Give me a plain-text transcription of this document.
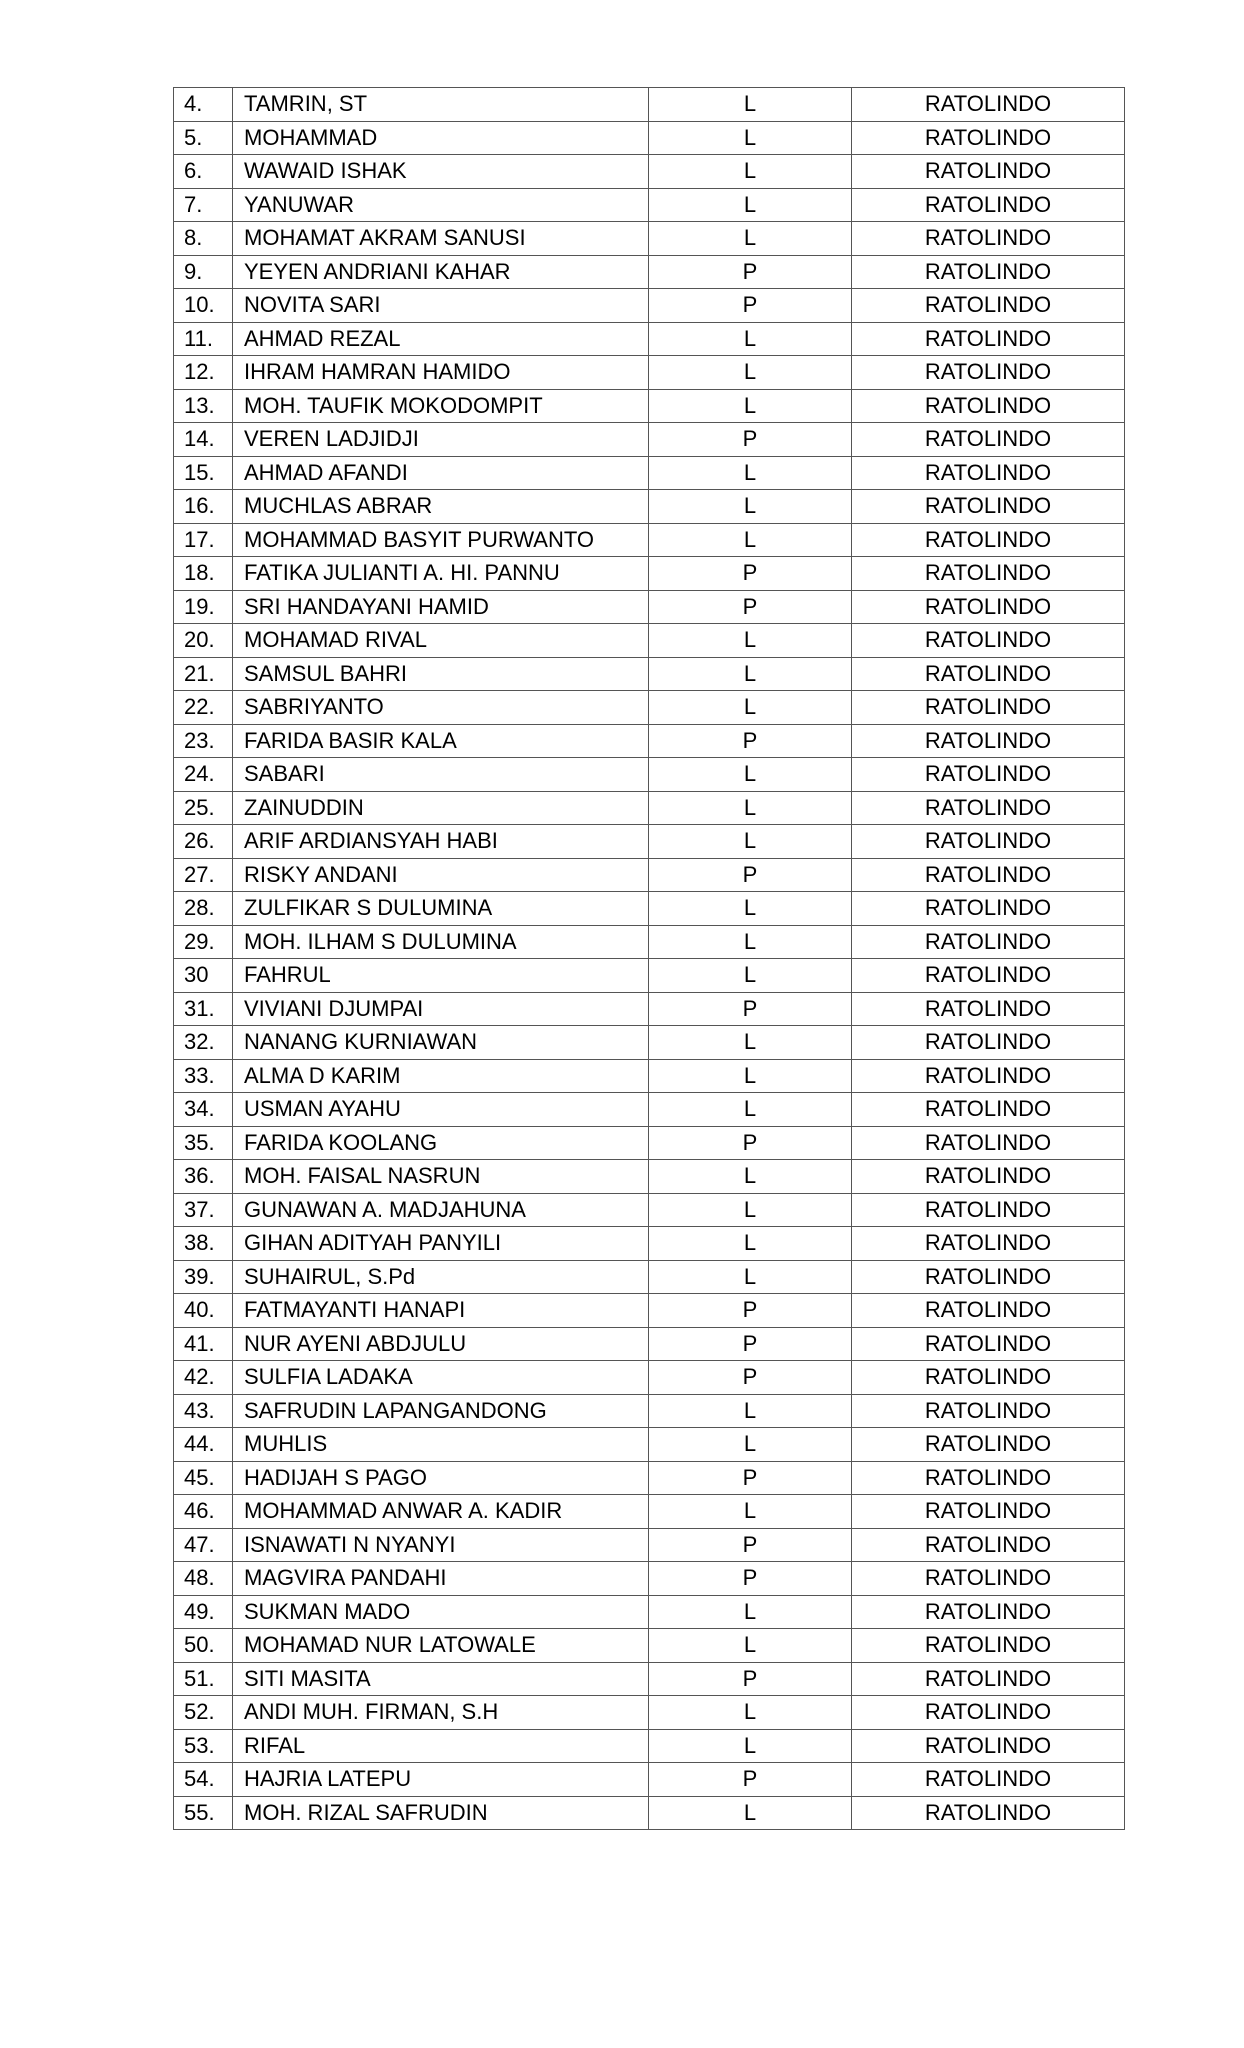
4.	TAMRIN, ST	L	RATOLINDO
5.	MOHAMMAD	L	RATOLINDO
6.	WAWAID ISHAK	L	RATOLINDO
7.	YANUWAR	L	RATOLINDO
8.	MOHAMAT AKRAM SANUSI	L	RATOLINDO
9.	YEYEN ANDRIANI KAHAR	P	RATOLINDO
10.	NOVITA SARI	P	RATOLINDO
11.	AHMAD REZAL	L	RATOLINDO
12.	IHRAM HAMRAN HAMIDO	L	RATOLINDO
13.	MOH. TAUFIK MOKODOMPIT	L	RATOLINDO
14.	VEREN LADJIDJI	P	RATOLINDO
15.	AHMAD AFANDI	L	RATOLINDO
16.	MUCHLAS ABRAR	L	RATOLINDO
17.	MOHAMMAD BASYIT PURWANTO	L	RATOLINDO
18.	FATIKA JULIANTI A. HI. PANNU	P	RATOLINDO
19.	SRI HANDAYANI HAMID	P	RATOLINDO
20.	MOHAMAD RIVAL	L	RATOLINDO
21.	SAMSUL BAHRI	L	RATOLINDO
22.	SABRIYANTO	L	RATOLINDO
23.	FARIDA BASIR KALA	P	RATOLINDO
24.	SABARI	L	RATOLINDO
25.	ZAINUDDIN	L	RATOLINDO
26.	ARIF ARDIANSYAH HABI	L	RATOLINDO
27.	RISKY ANDANI	P	RATOLINDO
28.	ZULFIKAR S DULUMINA	L	RATOLINDO
29.	MOH. ILHAM S DULUMINA	L	RATOLINDO
30	FAHRUL	L	RATOLINDO
31.	VIVIANI DJUMPAI	P	RATOLINDO
32.	NANANG KURNIAWAN	L	RATOLINDO
33.	ALMA D KARIM	L	RATOLINDO
34.	USMAN AYAHU	L	RATOLINDO
35.	FARIDA KOOLANG	P	RATOLINDO
36.	MOH. FAISAL NASRUN	L	RATOLINDO
37.	GUNAWAN A. MADJAHUNA	L	RATOLINDO
38.	GIHAN ADITYAH PANYILI	L	RATOLINDO
39.	SUHAIRUL, S.Pd	L	RATOLINDO
40.	FATMAYANTI HANAPI	P	RATOLINDO
41.	NUR AYENI ABDJULU	P	RATOLINDO
42.	SULFIA LADAKA	P	RATOLINDO
43.	SAFRUDIN LAPANGANDONG	L	RATOLINDO
44.	MUHLIS	L	RATOLINDO
45.	HADIJAH S PAGO	P	RATOLINDO
46.	MOHAMMAD ANWAR A. KADIR	L	RATOLINDO
47.	ISNAWATI N NYANYI	P	RATOLINDO
48.	MAGVIRA PANDAHI	P	RATOLINDO
49.	SUKMAN MADO	L	RATOLINDO
50.	MOHAMAD NUR LATOWALE	L	RATOLINDO
51.	SITI MASITA	P	RATOLINDO
52.	ANDI MUH. FIRMAN, S.H	L	RATOLINDO
53.	RIFAL	L	RATOLINDO
54.	HAJRIA LATEPU	P	RATOLINDO
55.	MOH. RIZAL SAFRUDIN	L	RATOLINDO
